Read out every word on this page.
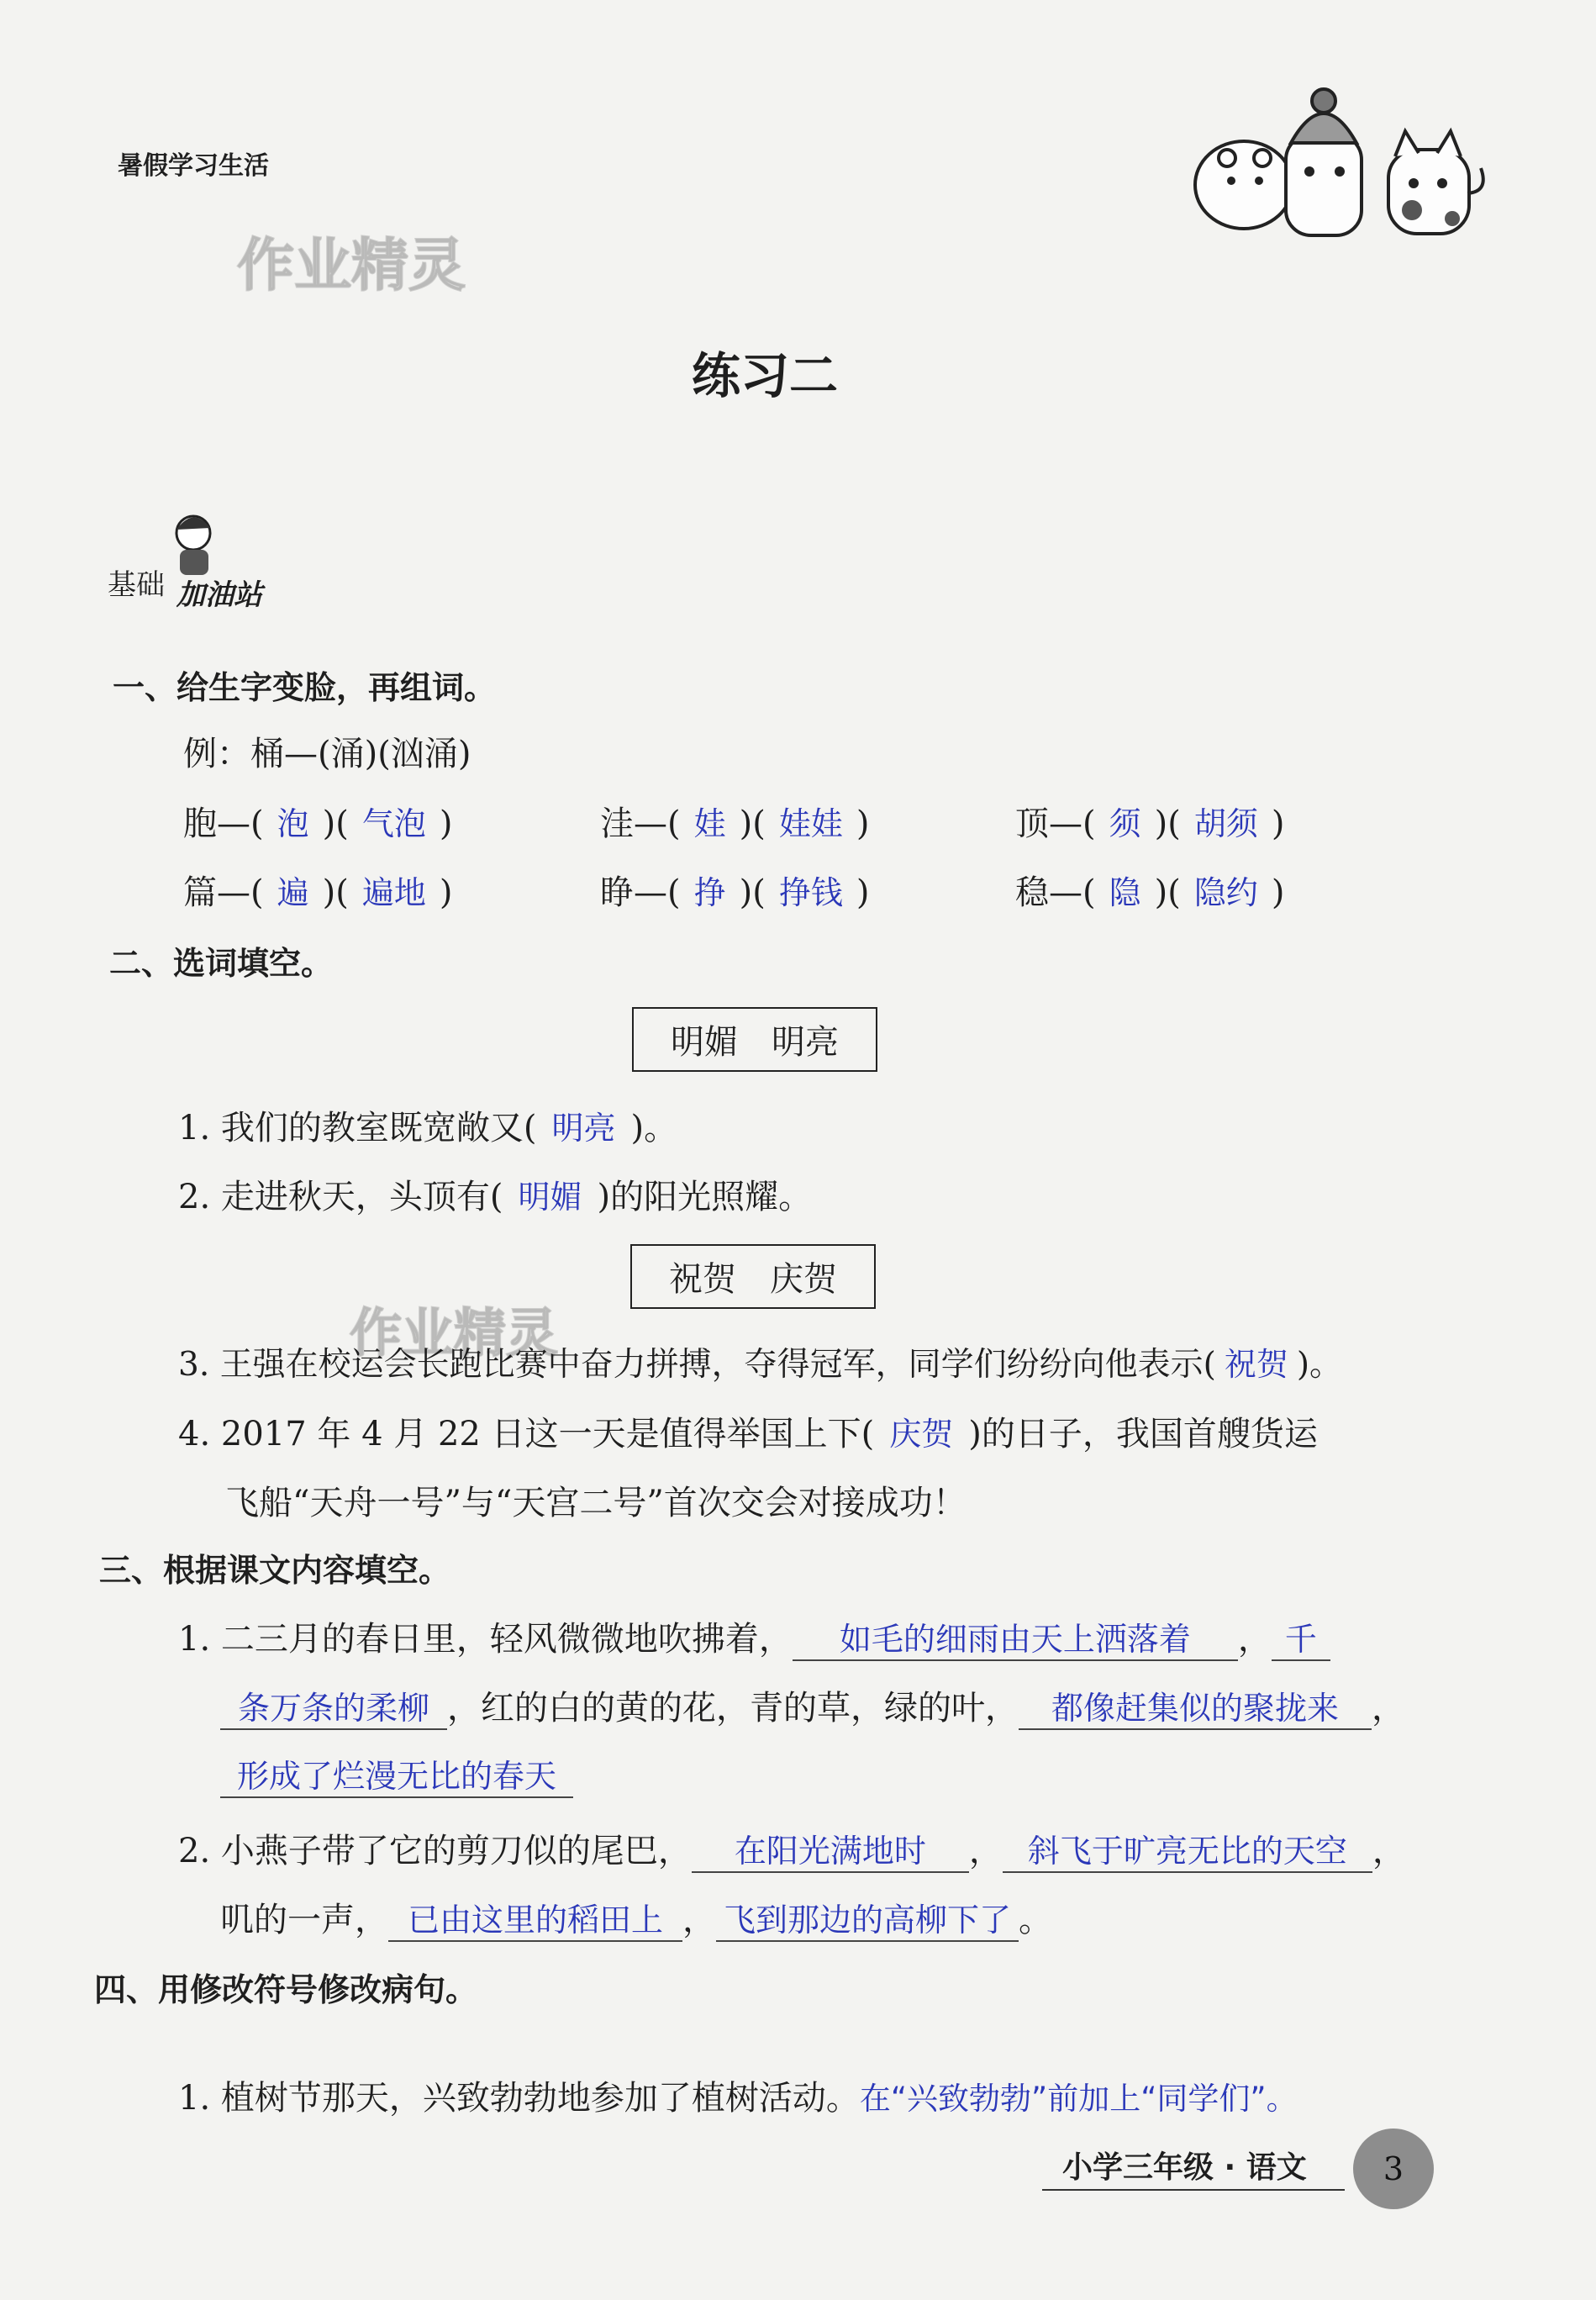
暑假学习生活
作业精灵
练习二
基础 加油站
一、给生字变脸，再组词。
例：桶—(涌)(汹涌)
胞—( 泡 )( 气泡 )	洼—( 娃 )( 娃娃 )	顶—( 须 )( 胡须 )
篇—( 遍 )( 遍地 )	睁—( 挣 )( 挣钱 )	稳—( 隐 )( 隐约 )
二、选词填空。
明媚 明亮
1. 我们的教室既宽敞又( 明亮 )。
2. 走进秋天，头顶有( 明媚 )的阳光照耀。
祝贺 庆贺
作业精灵
3. 王强在校运会长跑比赛中奋力拼搏，夺得冠军，同学们纷纷向他表示( 祝贺 )。
4. 2017 年 4 月 22 日这一天是值得举国上下( 庆贺 )的日子，我国首艘货运
飞船“天舟一号”与“天宫二号”首次交会对接成功！
三、根据课文内容填空。
1. 二三月的春日里，轻风微微地吹拂着， 如毛的细雨由天上洒落着 ， 千
条万条的柔柳 ，红的白的黄的花，青的草，绿的叶， 都像赶集似的聚拢来 ，
形成了烂漫无比的春天
2. 小燕子带了它的剪刀似的尾巴， 在阳光满地时 ， 斜飞于旷亮无比的天空 ，
叽的一声， 已由这里的稻田上 ， 飞到那边的高柳下了 。
四、用修改符号修改病句。
1. 植树节那天，兴致勃勃地参加了植树活动。在“兴致勃勃”前加上“同学们”。
小学三年级 · 语文	3
